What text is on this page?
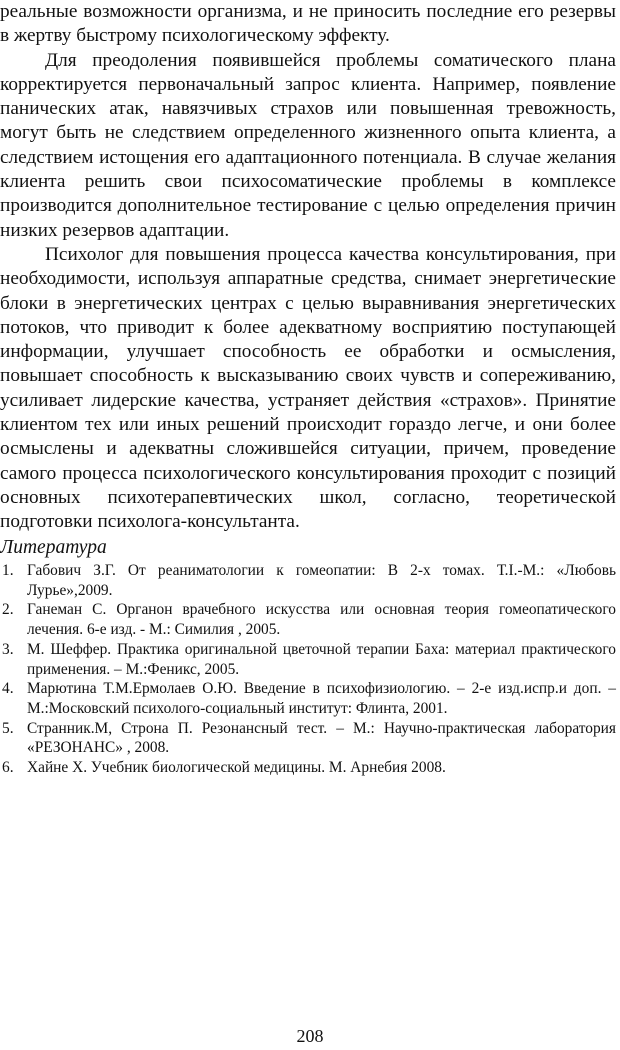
реальные возможности организма, и не приносить последние его резервы в жертву быстрому психологическому эффекту.

Для преодоления появившейся проблемы соматического плана корректируется первоначальный запрос клиента. Например, появление панических атак, навязчивых страхов или повышенная тревожность, могут быть не следствием определенного жизненного опыта клиента, а следствием истощения его адаптационного потенциала. В случае желания клиента решить свои психосоматические проблемы в комплексе производится дополнительное тестирование с целью определения причин низких резервов адаптации.

Психолог для повышения процесса качества консультирования, при необходимости, используя аппаратные средства, снимает энергетические блоки в энергетических центрах с целью выравнивания энергетических потоков, что приводит к более адекватному восприятию поступающей информации, улучшает способность ее обработки и осмысления, повышает способность к высказыванию своих чувств и сопереживанию, усиливает лидерские качества, устраняет действия «страхов». Принятие клиентом тех или иных решений происходит гораздо легче, и они более осмыслены и адекватны сложившейся ситуации, причем, проведение самого процесса психологического консультирования проходит с позиций основных психотерапевтических школ, согласно, теоретической подготовки психолога-консультанта.

Литература

1. Габович З.Г. От реаниматологии к гомеопатии: В 2-х томах. Т.I.-М.: «Любовь Лурье»,2009.
2. Ганеман С. Органон врачебного искусства или основная теория гомеопатического лечения. 6-е изд. - М.: Симилия , 2005.
3. М. Шеффер. Практика оригинальной цветочной терапии Баха: материал практического применения. – М.:Феникс, 2005.
4. Марютина Т.М.Ермолаев О.Ю. Введение в психофизиологию. – 2-е изд.испр.и доп. – М.:Московский психолого-социальный институт: Флинта, 2001.
5. Странник.М, Строна П. Резонансный тест. – М.: Научно-практическая лаборатория «РЕЗОНАНС» , 2008.
6. Хайне Х. Учебник биологической медицины. М. Арнебия 2008.
208
